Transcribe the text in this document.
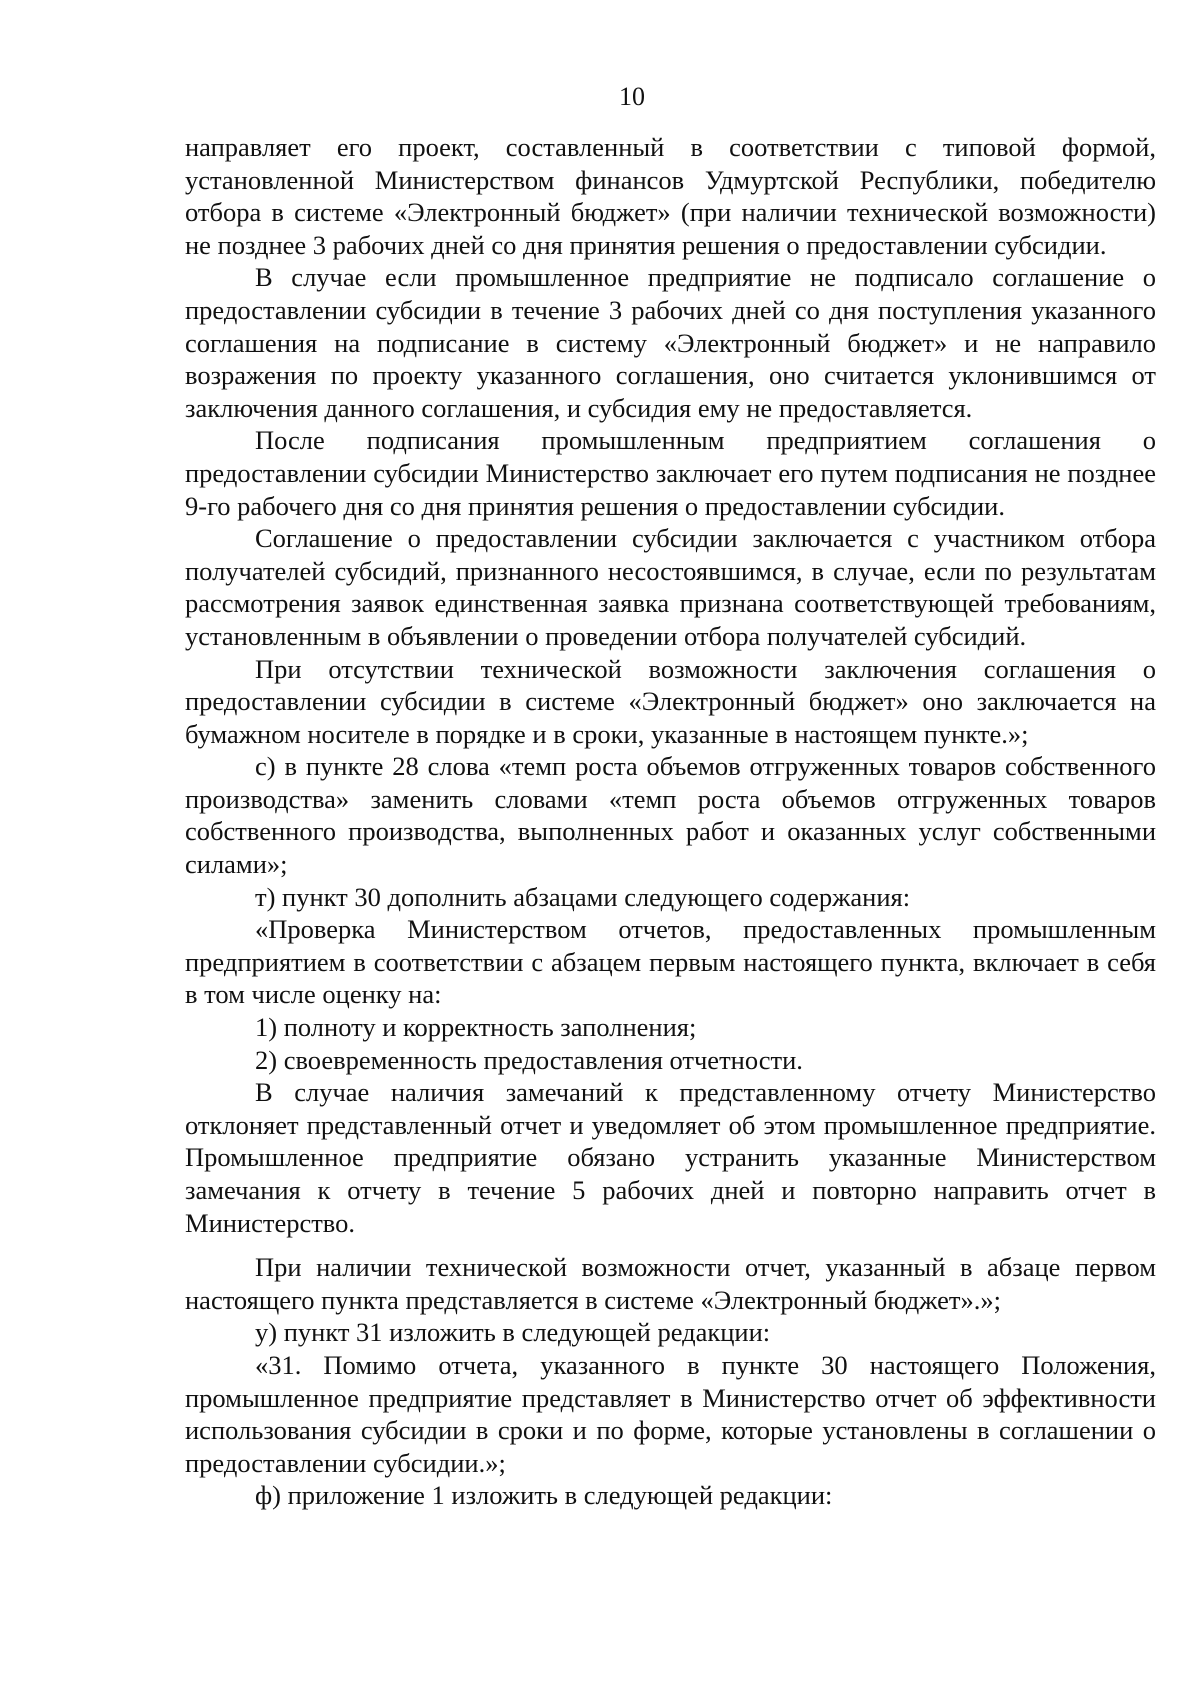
10

направляет его проект, составленный в соответствии с типовой формой, установленной Министерством финансов Удмуртской Республики, победителю отбора в системе «Электронный бюджет» (при наличии технической возможности) не позднее 3 рабочих дней со дня принятия решения о предоставлении субсидии.

В случае если промышленное предприятие не подписало соглашение о предоставлении субсидии в течение 3 рабочих дней со дня поступления указанного соглашения на подписание в систему «Электронный бюджет» и не направило возражения по проекту указанного соглашения, оно считается уклонившимся от заключения данного соглашения, и субсидия ему не предоставляется.

После подписания промышленным предприятием соглашения о предоставлении субсидии Министерство заключает его путем подписания не позднее 9-го рабочего дня со дня принятия решения о предоставлении субсидии.

Соглашение о предоставлении субсидии заключается с участником отбора получателей субсидий, признанного несостоявшимся, в случае, если по результатам рассмотрения заявок единственная заявка признана соответствующей требованиям, установленным в объявлении о проведении отбора получателей субсидий.

При отсутствии технической возможности заключения соглашения о предоставлении субсидии в системе «Электронный бюджет» оно заключается на бумажном носителе в порядке и в сроки, указанные в настоящем пункте.»;

с) в пункте 28 слова «темп роста объемов отгруженных товаров собственного производства» заменить словами «темп роста объемов отгруженных товаров собственного производства, выполненных работ и оказанных услуг собственными силами»;

т) пункт 30 дополнить абзацами следующего содержания:

«Проверка Министерством отчетов, предоставленных промышленным предприятием в соответствии с абзацем первым настоящего пункта, включает в себя в том числе оценку на:

1) полноту и корректность заполнения;

2) своевременность предоставления отчетности.

В случае наличия замечаний к представленному отчету Министерство отклоняет представленный отчет и уведомляет об этом промышленное предприятие. Промышленное предприятие обязано устранить указанные Министерством замечания к отчету в течение 5 рабочих дней и повторно направить отчет в Министерство.

При наличии технической возможности отчет, указанный в абзаце первом настоящего пункта представляется в системе «Электронный бюджет».»;

у) пункт 31 изложить в следующей редакции:

«31. Помимо отчета, указанного в пункте 30 настоящего Положения, промышленное предприятие представляет в Министерство отчет об эффективности использования субсидии в сроки и по форме, которые установлены в соглашении о предоставлении субсидии.»;

ф) приложение 1 изложить в следующей редакции:
